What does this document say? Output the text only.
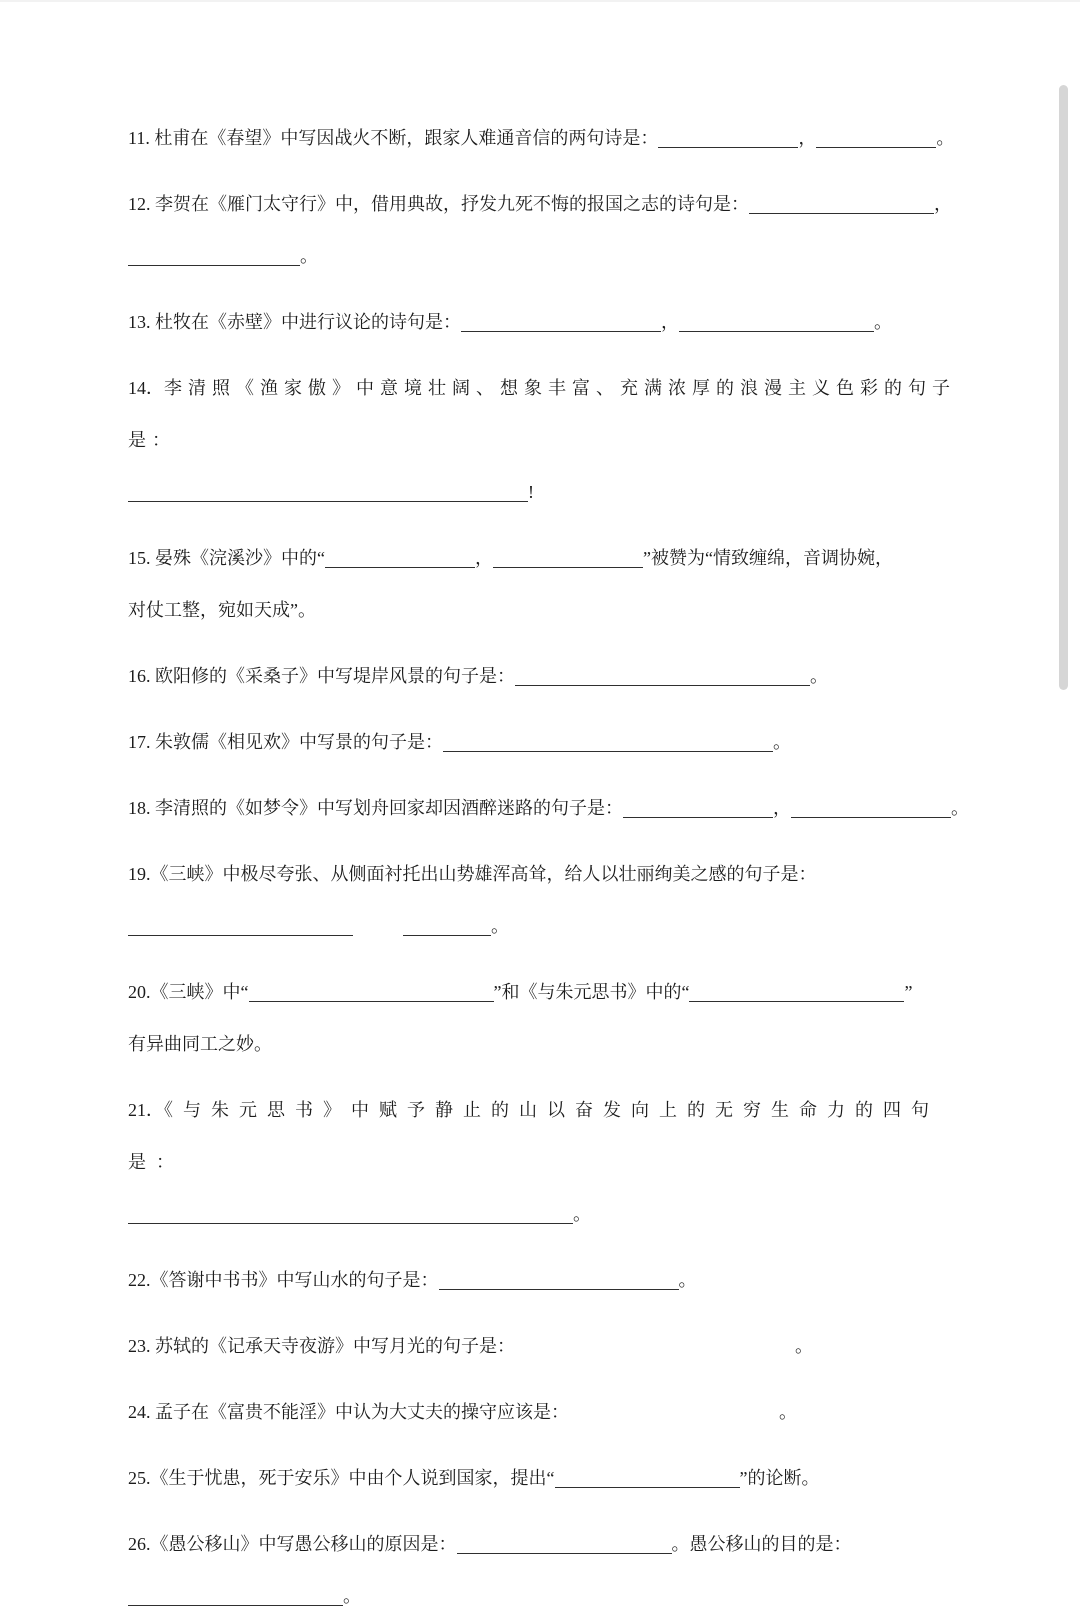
11. 杜甫在《春望》中写因战火不断，跟家人难通音信的两句诗是：	，	。

12. 李贺在《雁门太守行》中，借用典故，抒发九死不悔的报国之志的诗句是：	，
。

13. 杜牧在《赤壁》中进行议论的诗句是：	，	。

14．李清照《渔家傲》中意境壮阔、想象丰富、充满浓厚的浪漫主义色彩的句子是：
!

15. 晏殊《浣溪沙》中的“	，	”被赞为“情致缠绵，音调协婉，
对仗工整，宛如天成”。

16. 欧阳修的《采桑子》中写堤岸风景的句子是：	。

17. 朱敦儒《相见欢》中写景的句子是：	。

18. 李清照的《如梦令》中写划舟回家却因酒醉迷路的句子是：	，	。

19.《三峡》中极尽夸张、从侧面衬托出山势雄浑高耸，给人以壮丽绚美之感的句子是：
。

20.《三峡》中“	”和《与朱元思书》中的“	”
有异曲同工之妙。

21．《与朱元思书》中赋予静止的山以奋发向上的无穷生命力的四句是：
。

22.《答谢中书书》中写山水的句子是：	。

23. 苏轼的《记承天寺夜游》中写月光的句子是：	。

24. 孟子在《富贵不能淫》中认为大丈夫的操守应该是：	。

25.《生于忧患，死于安乐》中由个人说到国家，提出“	”的论断。

26.《愚公移山》中写愚公移山的原因是：	。愚公移山的目的是：
。
